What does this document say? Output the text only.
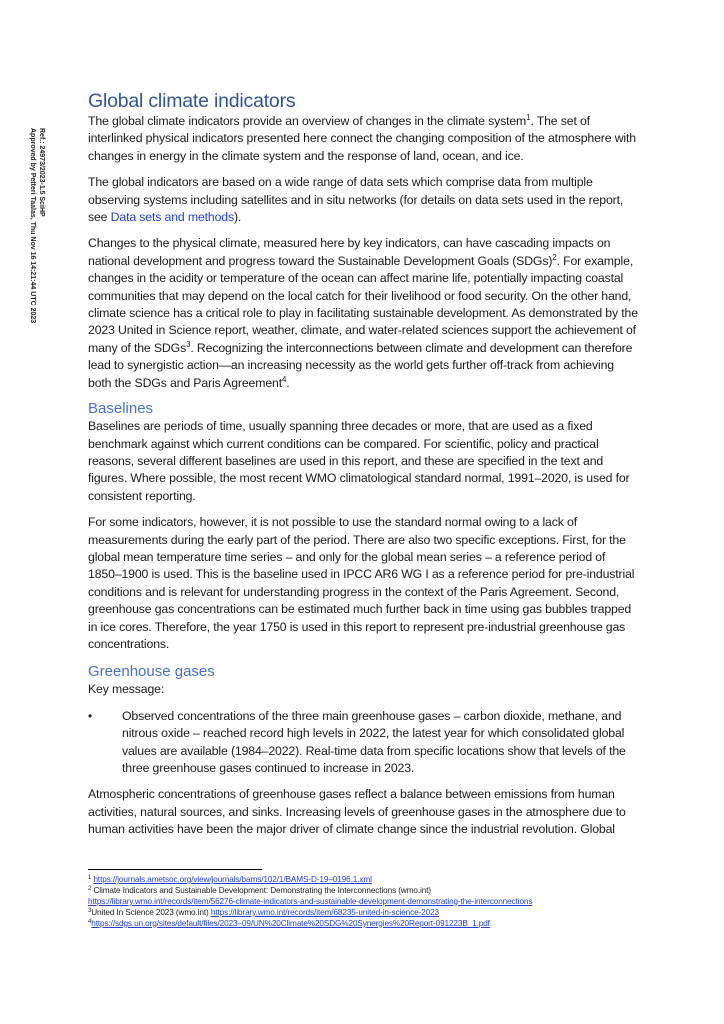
Ref.: 24973/2023-1.5 SciHP
Approved by Petteri Taalas, Thu Nov 16 14:21:44 UTC 2023
Global climate indicators

The global climate indicators provide an overview of changes in the climate system$^1$. The set of interlinked physical indicators presented here connect the changing composition of the atmosphere with changes in energy in the climate system and the response of land, ocean, and ice.

The global indicators are based on a wide range of data sets which comprise data from multiple observing systems including satellites and in situ networks (for details on data sets used in the report, see Data sets and methods).

Changes to the physical climate, measured here by key indicators, can have cascading impacts on national development and progress toward the Sustainable Development Goals (SDGs)$^2$. For example, changes in the acidity or temperature of the ocean can affect marine life, potentially impacting coastal communities that may depend on the local catch for their livelihood or food security. On the other hand, climate science has a critical role to play in facilitating sustainable development. As demonstrated by the 2023 United in Science report, weather, climate, and water-related sciences support the achievement of many of the SDGs$^3$. Recognizing the interconnections between climate and development can therefore lead to synergistic action—an increasing necessity as the world gets further off-track from achieving both the SDGs and Paris Agreement$^4$.

Baselines

Baselines are periods of time, usually spanning three decades or more, that are used as a fixed benchmark against which current conditions can be compared. For scientific, policy and practical reasons, several different baselines are used in this report, and these are specified in the text and figures. Where possible, the most recent WMO climatological standard normal, 1991–2020, is used for consistent reporting.

For some indicators, however, it is not possible to use the standard normal owing to a lack of measurements during the early part of the period. There are also two specific exceptions. First, for the global mean temperature time series – and only for the global mean series – a reference period of 1850–1900 is used. This is the baseline used in IPCC AR6 WG I as a reference period for pre-industrial conditions and is relevant for understanding progress in the context of the Paris Agreement. Second, greenhouse gas concentrations can be estimated much further back in time using gas bubbles trapped in ice cores. Therefore, the year 1750 is used in this report to represent pre-industrial greenhouse gas concentrations.

Greenhouse gases

Key message:

•	Observed concentrations of the three main greenhouse gases – carbon dioxide, methane, and nitrous oxide – reached record high levels in 2022, the latest year for which consolidated global values are available (1984–2022). Real-time data from specific locations show that levels of the three greenhouse gases continued to increase in 2023.

Atmospheric concentrations of greenhouse gases reflect a balance between emissions from human activities, natural sources, and sinks. Increasing levels of greenhouse gases in the atmosphere due to human activities have been the major driver of climate change since the industrial revolution. Global

$^1$ https://journals.ametsoc.org/view/journals/bams/102/1/BAMS-D-19–0196.1.xml
$^2$ Climate Indicators and Sustainable Development: Demonstrating the Interconnections (wmo.int)
https://library.wmo.int/records/item/56276-climate-indicators-and-sustainable-development-demonstrating-the-interconnections
$^3$United In Science 2023 (wmo.int) https://library.wmo.int/records/item/68235-united-in-science-2023
$^4$https://sdgs.un.org/sites/default/files/2023–09/UN%20Climate%20SDG%20Synergies%20Report-091223B_1.pdf
